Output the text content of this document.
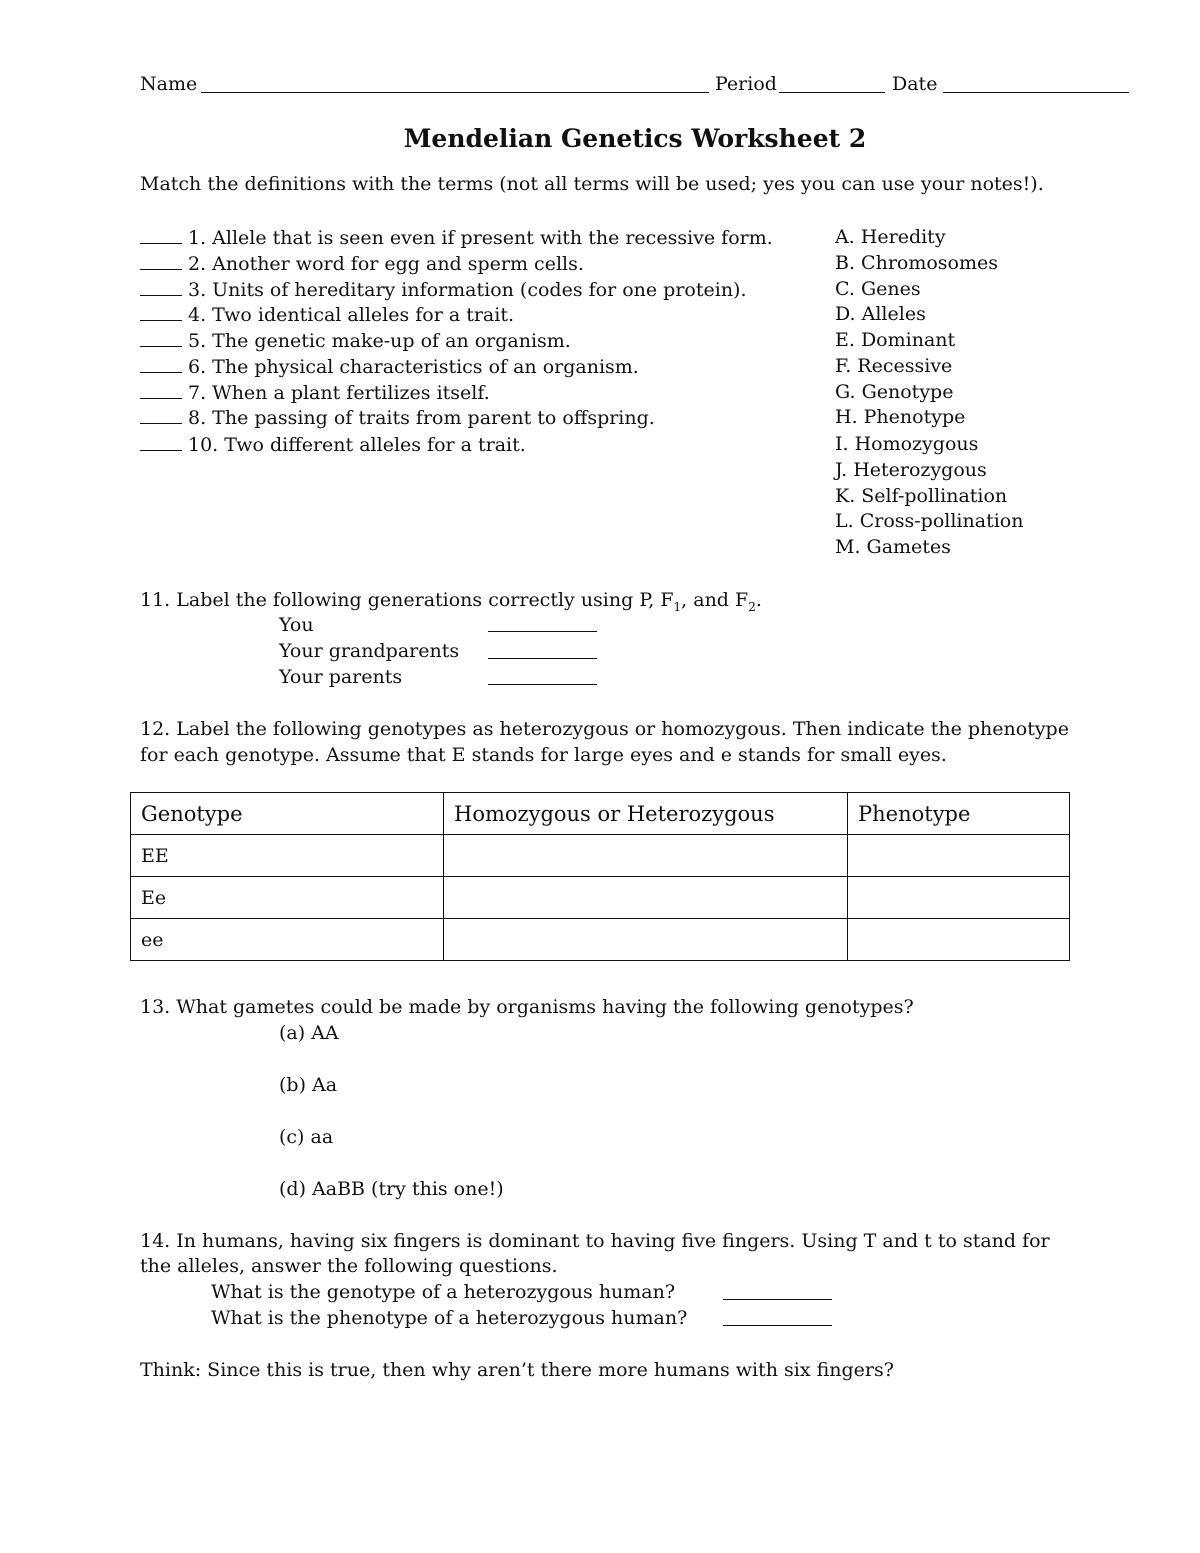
Name	Period	Date
Mendelian Genetics Worksheet 2
Match the definitions with the terms (not all terms will be used; yes you can use your notes!).
1. Allele that is seen even if present with the recessive form.
2. Another word for egg and sperm cells.
3. Units of hereditary information (codes for one protein).
4. Two identical alleles for a trait.
5. The genetic make-up of an organism.
6. The physical characteristics of an organism.
7. When a plant fertilizes itself.
8. The passing of traits from parent to offspring.
10. Two different alleles for a trait.
A. Heredity
B. Chromosomes
C. Genes
D. Alleles
E. Dominant
F. Recessive
G. Genotype
H. Phenotype
I. Homozygous
J. Heterozygous
K. Self-pollination
L. Cross-pollination
M. Gametes
11. Label the following generations correctly using P, $F_1$, and $F_2$.
You
Your grandparents
Your parents
12. Label the following genotypes as heterozygous or homozygous. Then indicate the phenotype
for each genotype. Assume that E stands for large eyes and e stands for small eyes.
Genotype	Homozygous or Heterozygous	Phenotype
EE		
Ee		
ee		
13. What gametes could be made by organisms having the following genotypes?
(a) AA
(b) Aa
(c) aa
(d) AaBB (try this one!)
14. In humans, having six fingers is dominant to having five fingers. Using T and t to stand for
the alleles, answer the following questions.
What is the genotype of a heterozygous human?
What is the phenotype of a heterozygous human?
Think: Since this is true, then why aren’t there more humans with six fingers?
